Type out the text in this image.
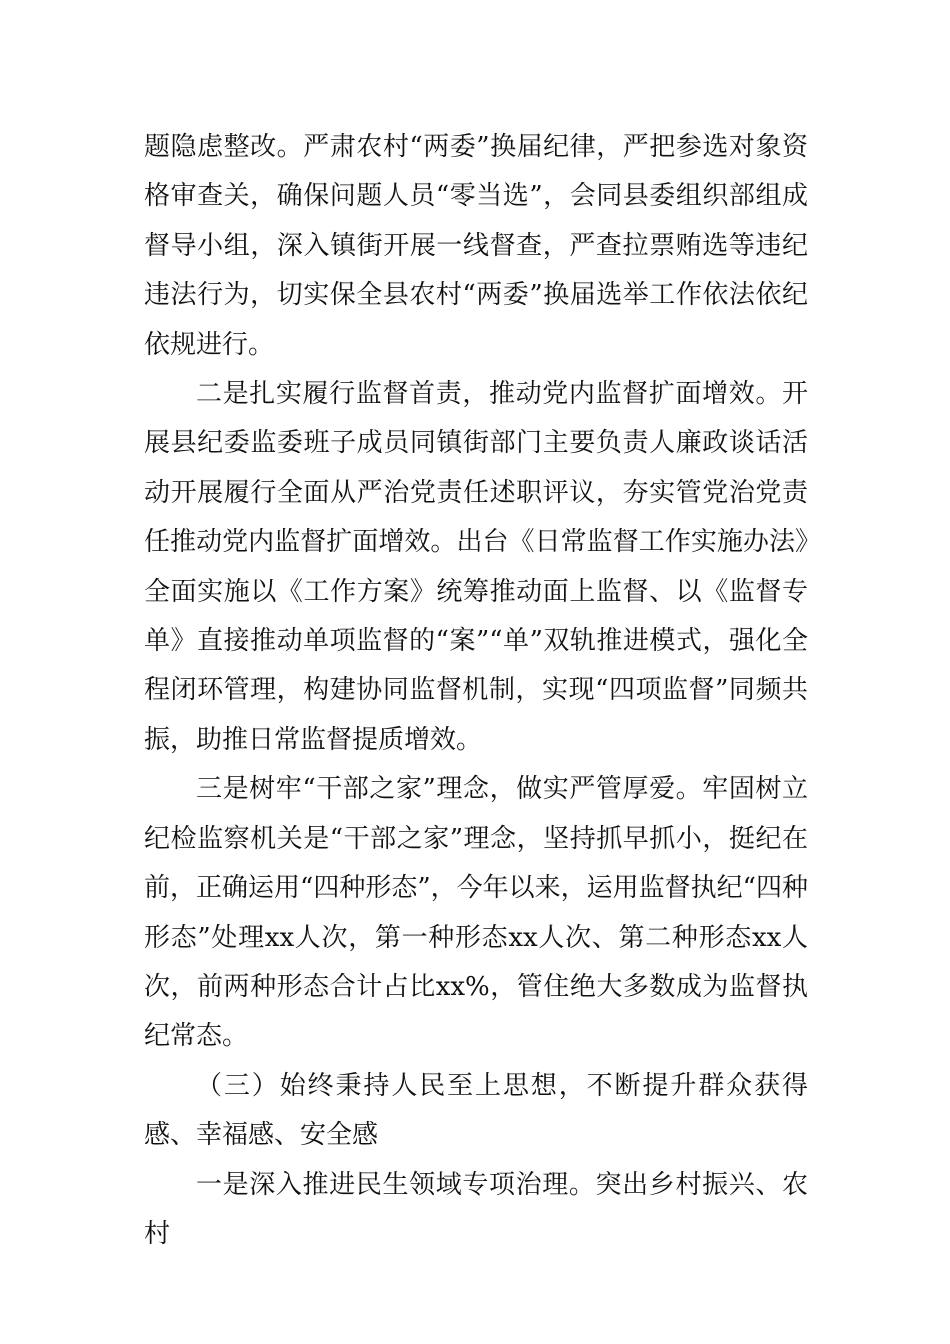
题隐虑整改。严肃农村“两委”换届纪律，严把参选对象资格审查关，确保问题人员“零当选”，会同县委组织部组成督导小组，深入镇街开展一线督查，严查拉票贿选等违纪违法行为，切实保全县农村“两委”换届选举工作依法依纪依规进行。

二是扎实履行监督首责，推动党内监督扩面增效。开展县纪委监委班子成员同镇街部门主要负责人廉政谈话活动开展履行全面从严治党责任述职评议，夯实管党治党责任推动党内监督扩面增效。出台《日常监督工作实施办法》全面实施以《工作方案》统筹推动面上监督、以《监督专单》直接推动单项监督的“案”“单”双轨推进模式，强化全程闭环管理，构建协同监督机制，实现“四项监督”同频共振，助推日常监督提质增效。

三是树牢“干部之家”理念，做实严管厚爱。牢固树立纪检监察机关是“干部之家”理念，坚持抓早抓小，挺纪在前，正确运用“四种形态”，今年以来，运用监督执纪“四种形态”处理xx人次，第一种形态xx人次、第二种形态xx人次，前两种形态合计占比xx%，管住绝大多数成为监督执纪常态。

（三）始终秉持人民至上思想，不断提升群众获得感、幸福感、安全感

一是深入推进民生领域专项治理。突出乡村振兴、农村
